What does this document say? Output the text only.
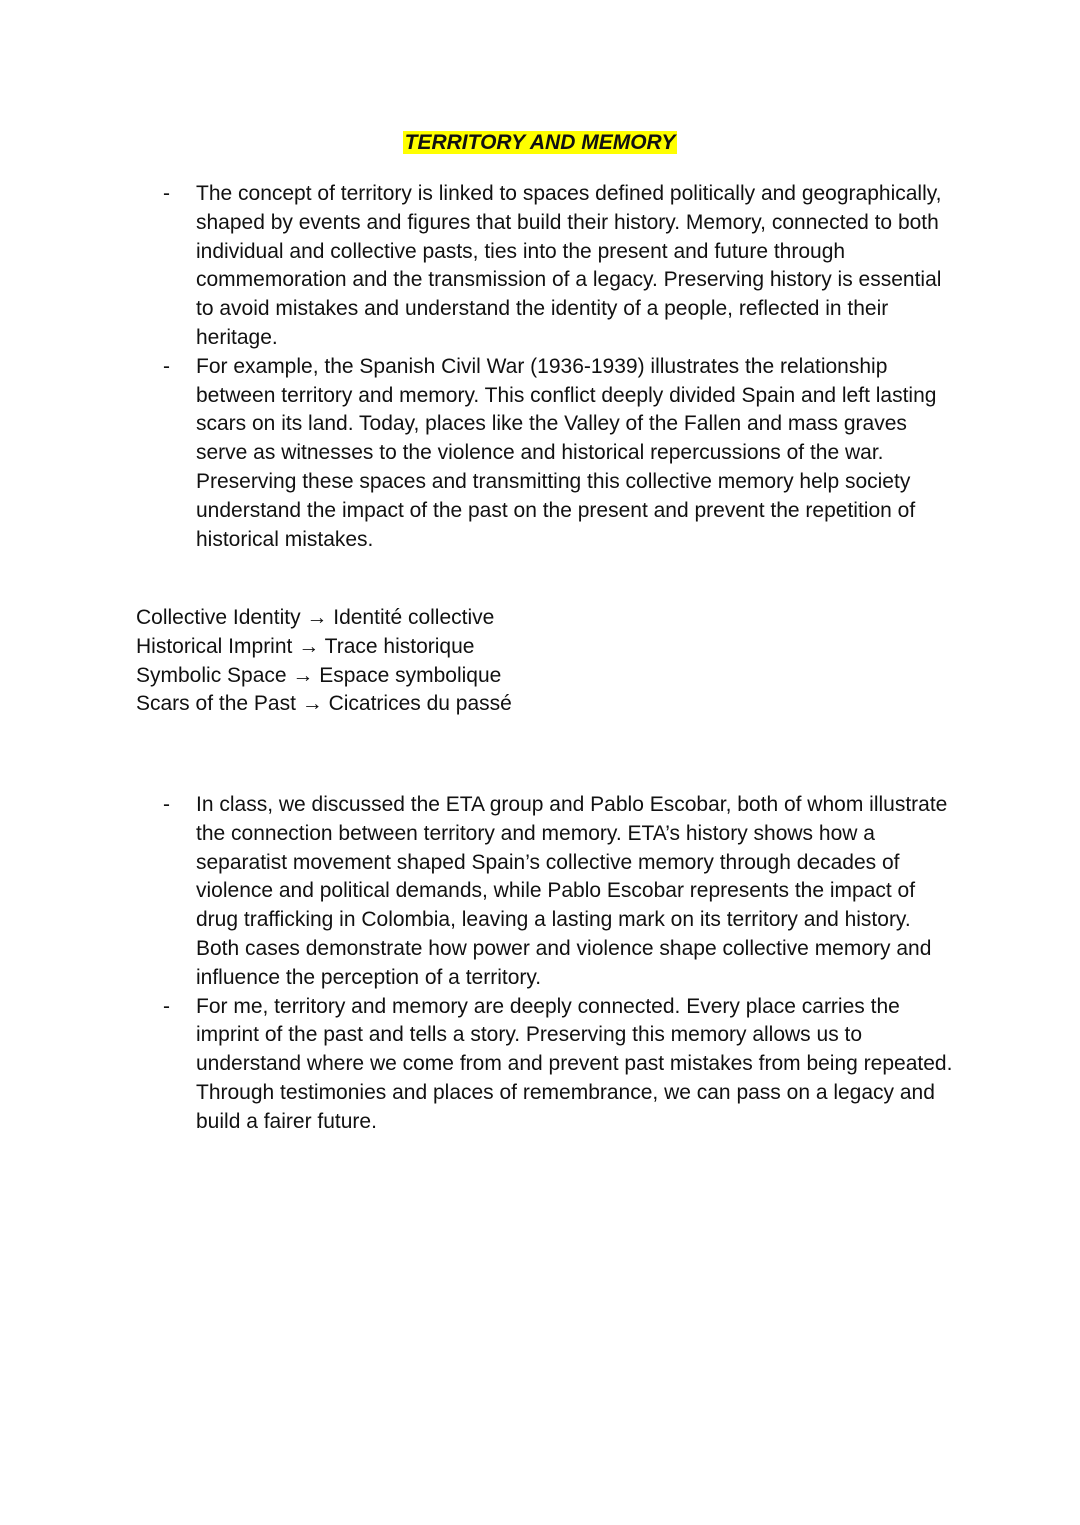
TERRITORY AND MEMORY
- The concept of territory is linked to spaces defined politically and geographically, shaped by events and figures that build their history. Memory, connected to both individual and collective pasts, ties into the present and future through commemoration and the transmission of a legacy. Preserving history is essential to avoid mistakes and understand the identity of a people, reflected in their heritage.
- For example, the Spanish Civil War (1936-1939) illustrates the relationship between territory and memory. This conflict deeply divided Spain and left lasting scars on its land. Today, places like the Valley of the Fallen and mass graves serve as witnesses to the violence and historical repercussions of the war. Preserving these spaces and transmitting this collective memory help society understand the impact of the past on the present and prevent the repetition of historical mistakes.
Collective Identity → Identité collective
Historical Imprint → Trace historique
Symbolic Space → Espace symbolique
Scars of the Past → Cicatrices du passé
- In class, we discussed the ETA group and Pablo Escobar, both of whom illustrate the connection between territory and memory. ETA’s history shows how a separatist movement shaped Spain’s collective memory through decades of violence and political demands, while Pablo Escobar represents the impact of drug trafficking in Colombia, leaving a lasting mark on its territory and history. Both cases demonstrate how power and violence shape collective memory and influence the perception of a territory.
- For me, territory and memory are deeply connected. Every place carries the imprint of the past and tells a story. Preserving this memory allows us to understand where we come from and prevent past mistakes from being repeated. Through testimonies and places of remembrance, we can pass on a legacy and build a fairer future.
